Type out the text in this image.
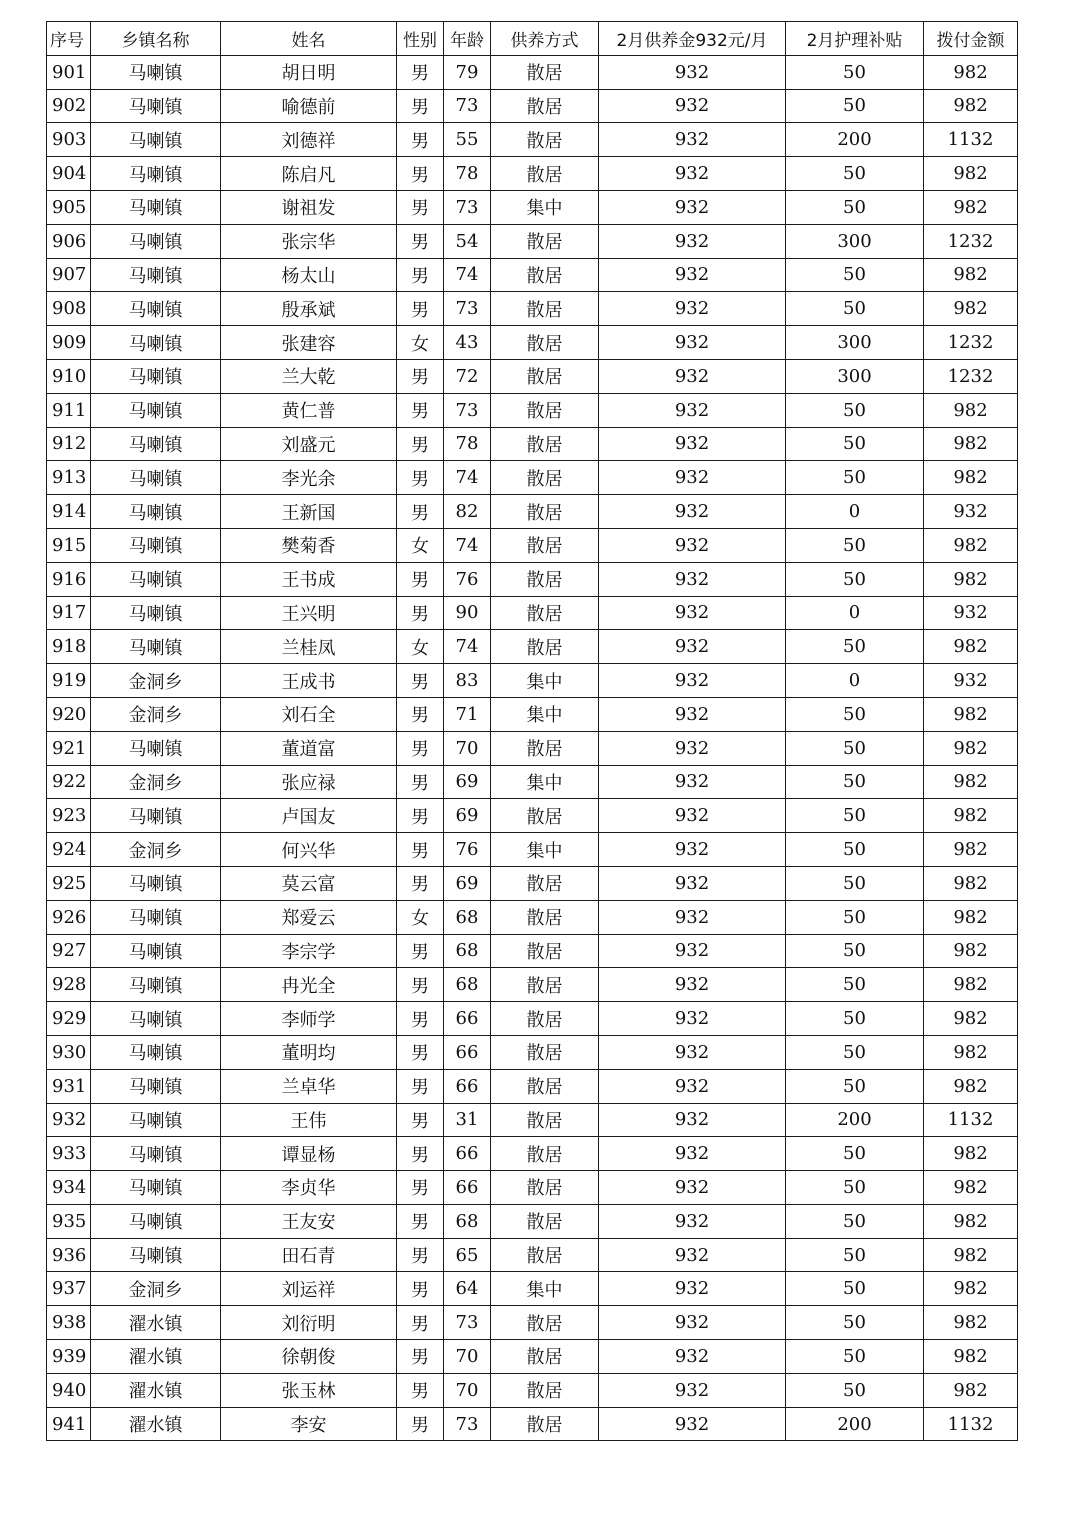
序号	乡镇名称	姓名	性别	年龄	供养方式	2月供养金932元/月	2月护理补贴	拨付金额
901	马喇镇	胡日明	男	79	散居	932	50	982
902	马喇镇	喻德前	男	73	散居	932	50	982
903	马喇镇	刘德祥	男	55	散居	932	200	1132
904	马喇镇	陈启凡	男	78	散居	932	50	982
905	马喇镇	谢祖发	男	73	集中	932	50	982
906	马喇镇	张宗华	男	54	散居	932	300	1232
907	马喇镇	杨太山	男	74	散居	932	50	982
908	马喇镇	殷承斌	男	73	散居	932	50	982
909	马喇镇	张建容	女	43	散居	932	300	1232
910	马喇镇	兰大乾	男	72	散居	932	300	1232
911	马喇镇	黄仁普	男	73	散居	932	50	982
912	马喇镇	刘盛元	男	78	散居	932	50	982
913	马喇镇	李光余	男	74	散居	932	50	982
914	马喇镇	王新国	男	82	散居	932	0	932
915	马喇镇	樊菊香	女	74	散居	932	50	982
916	马喇镇	王书成	男	76	散居	932	50	982
917	马喇镇	王兴明	男	90	散居	932	0	932
918	马喇镇	兰桂凤	女	74	散居	932	50	982
919	金洞乡	王成书	男	83	集中	932	0	932
920	金洞乡	刘石全	男	71	集中	932	50	982
921	马喇镇	董道富	男	70	散居	932	50	982
922	金洞乡	张应禄	男	69	集中	932	50	982
923	马喇镇	卢国友	男	69	散居	932	50	982
924	金洞乡	何兴华	男	76	集中	932	50	982
925	马喇镇	莫云富	男	69	散居	932	50	982
926	马喇镇	郑爱云	女	68	散居	932	50	982
927	马喇镇	李宗学	男	68	散居	932	50	982
928	马喇镇	冉光全	男	68	散居	932	50	982
929	马喇镇	李师学	男	66	散居	932	50	982
930	马喇镇	董明均	男	66	散居	932	50	982
931	马喇镇	兰卓华	男	66	散居	932	50	982
932	马喇镇	王伟	男	31	散居	932	200	1132
933	马喇镇	谭显杨	男	66	散居	932	50	982
934	马喇镇	李贞华	男	66	散居	932	50	982
935	马喇镇	王友安	男	68	散居	932	50	982
936	马喇镇	田石青	男	65	散居	932	50	982
937	金洞乡	刘运祥	男	64	集中	932	50	982
938	濯水镇	刘衍明	男	73	散居	932	50	982
939	濯水镇	徐朝俊	男	70	散居	932	50	982
940	濯水镇	张玉林	男	70	散居	932	50	982
941	濯水镇	李安	男	73	散居	932	200	1132
